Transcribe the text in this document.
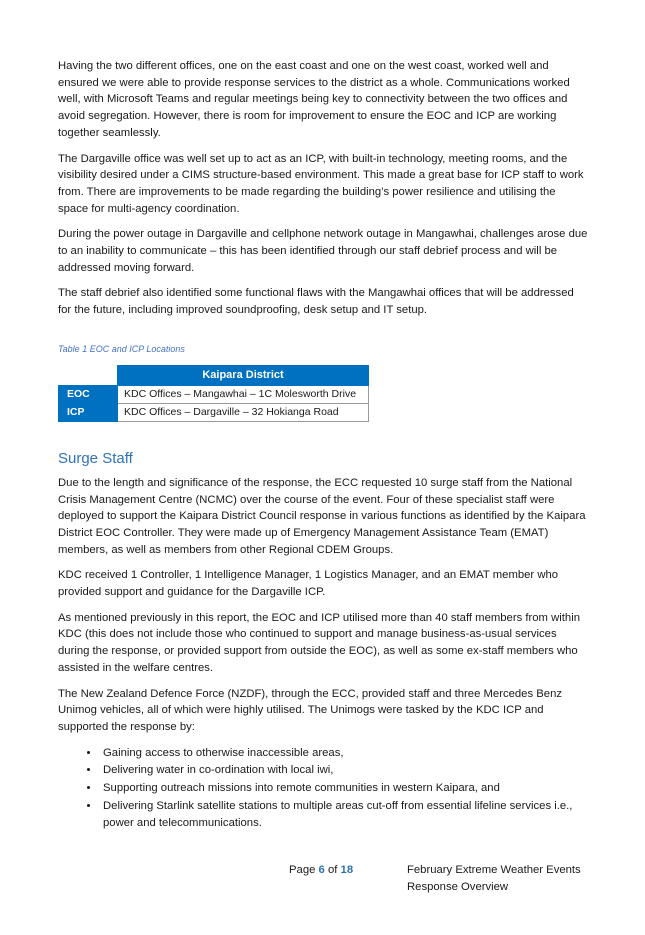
Having the two different offices, one on the east coast and one on the west coast, worked well and ensured we were able to provide response services to the district as a whole. Communications worked well, with Microsoft Teams and regular meetings being key to connectivity between the two offices and avoid segregation. However, there is room for improvement to ensure the EOC and ICP are working together seamlessly.

The Dargaville office was well set up to act as an ICP, with built-in technology, meeting rooms, and the visibility desired under a CIMS structure-based environment. This made a great base for ICP staff to work from. There are improvements to be made regarding the building’s power resilience and utilising the space for multi-agency coordination.

During the power outage in Dargaville and cellphone network outage in Mangawhai, challenges arose due to an inability to communicate – this has been identified through our staff debrief process and will be addressed moving forward.

The staff debrief also identified some functional flaws with the Mangawhai offices that will be addressed for the future, including improved soundproofing, desk setup and IT setup.

Table 1 EOC and ICP Locations
	Kaipara District
EOC	KDC Offices – Mangawhai – 1C Molesworth Drive
ICP	KDC Offices – Dargaville – 32 Hokianga Road
Surge Staff

Due to the length and significance of the response, the ECC requested 10 surge staff from the National Crisis Management Centre (NCMC) over the course of the event. Four of these specialist staff were deployed to support the Kaipara District Council response in various functions as identified by the Kaipara District EOC Controller. They were made up of Emergency Management Assistance Team (EMAT) members, as well as members from other Regional CDEM Groups.

KDC received 1 Controller, 1 Intelligence Manager, 1 Logistics Manager, and an EMAT member who provided support and guidance for the Dargaville ICP.

As mentioned previously in this report, the EOC and ICP utilised more than 40 staff members from within KDC (this does not include those who continued to support and manage business-as-usual services during the response, or provided support from outside the EOC), as well as some ex-staff members who assisted in the welfare centres.

The New Zealand Defence Force (NZDF), through the ECC, provided staff and three Mercedes Benz Unimog vehicles, all of which were highly utilised. The Unimogs were tasked by the KDC ICP and supported the response by:

• Gaining access to otherwise inaccessible areas,
• Delivering water in co-ordination with local iwi,
• Supporting outreach missions into remote communities in western Kaipara, and
• Delivering Starlink satellite stations to multiple areas cut-off from essential lifeline services i.e., power and telecommunications.
Page 6 of 18	February Extreme Weather Events
Response Overview
